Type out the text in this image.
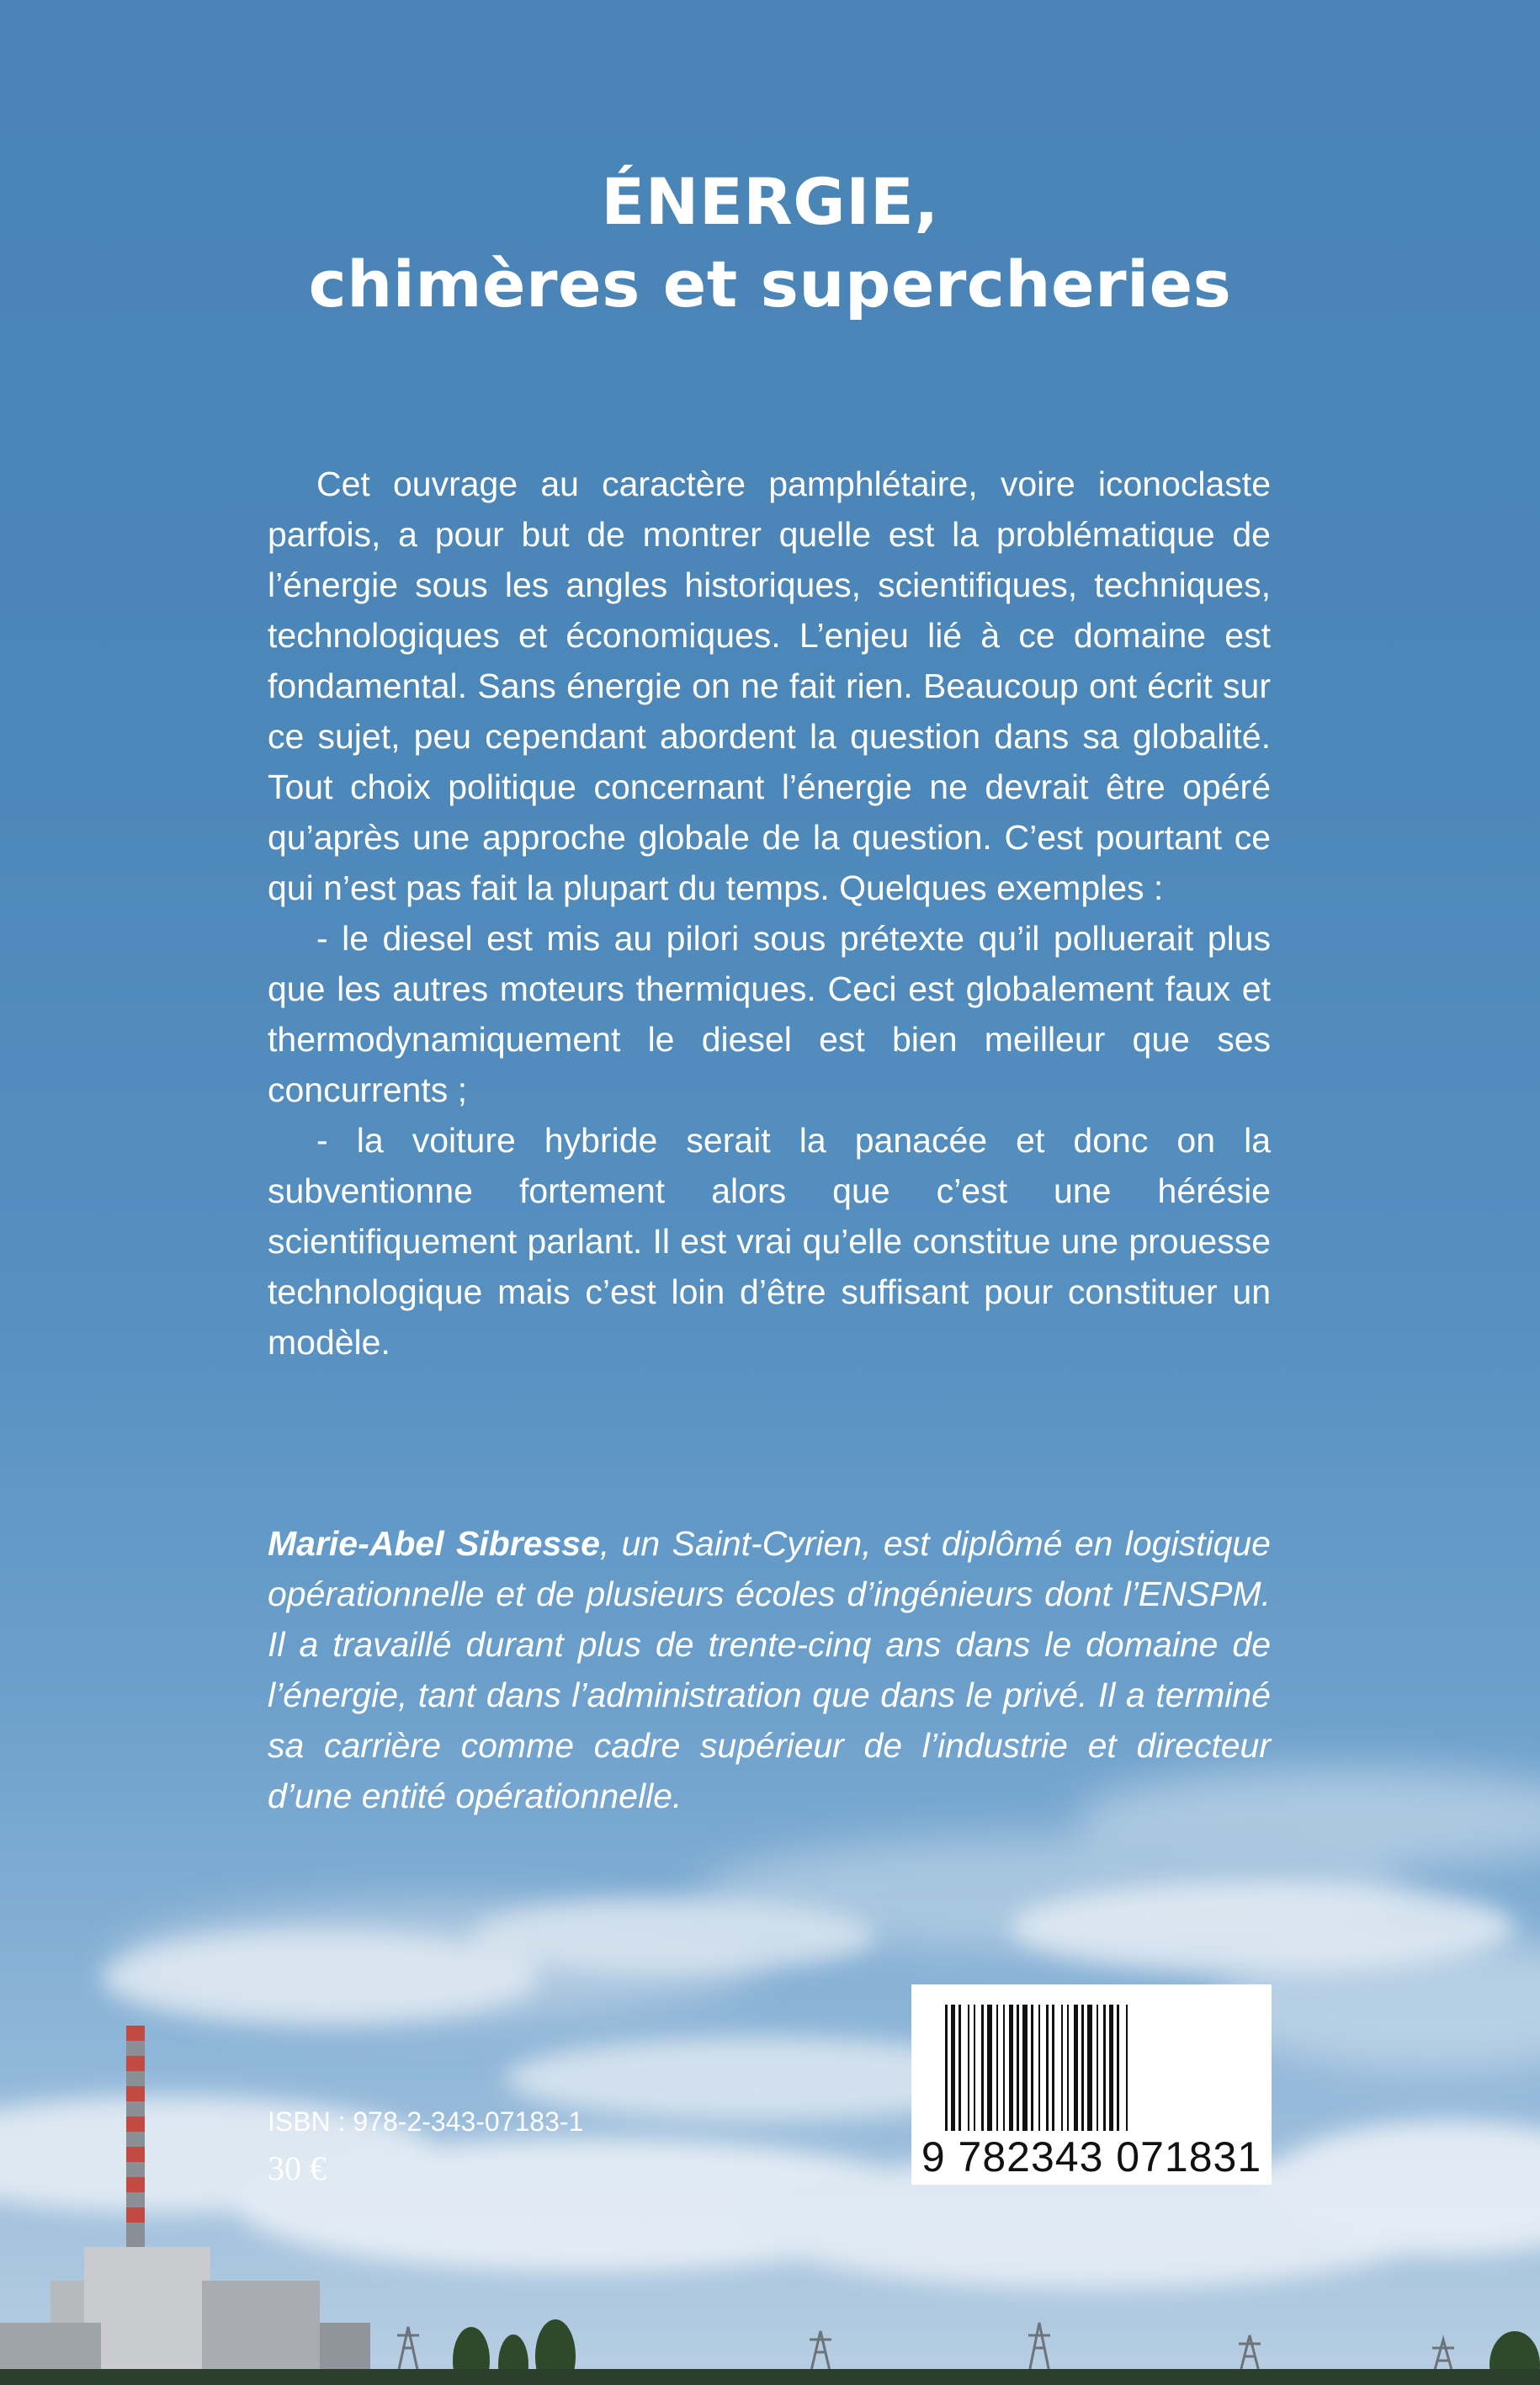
ÉNERGIE,
chimères et supercheries

Cet ouvrage au caractère pamphlétaire, voire iconoclaste parfois, a pour but de montrer quelle est la problématique de l’énergie sous les angles historiques, scientifiques, techniques, technologiques et économiques. L’enjeu lié à ce domaine est fondamental. Sans énergie on ne fait rien. Beaucoup ont écrit sur ce sujet, peu cependant abordent la question dans sa globalité. Tout choix politique concernant l’énergie ne devrait être opéré qu’après une approche globale de la question. C’est pourtant ce qui n’est pas fait la plupart du temps. Quelques exemples :

- le diesel est mis au pilori sous prétexte qu’il polluerait plus que les autres moteurs thermiques. Ceci est globalement faux et thermodynamiquement le diesel est bien meilleur que ses concurrents ;

- la voiture hybride serait la panacée et donc on la subventionne fortement alors que c’est une hérésie scientifiquement parlant. Il est vrai qu’elle constitue une prouesse technologique mais c’est loin d’être suffisant pour constituer un modèle.

Marie-Abel Sibresse, un Saint-Cyrien, est diplômé en logistique opérationnelle et de plusieurs écoles d’ingénieurs dont l’ENSPM. Il a travaillé durant plus de trente-cinq ans dans le domaine de l’énergie, tant dans l’administration que dans le privé. Il a terminé sa carrière comme cadre supérieur de l’industrie et directeur d’une entité opérationnelle.

ISBN : 978-2-343-07183-1
30 €	9 782343 071831
